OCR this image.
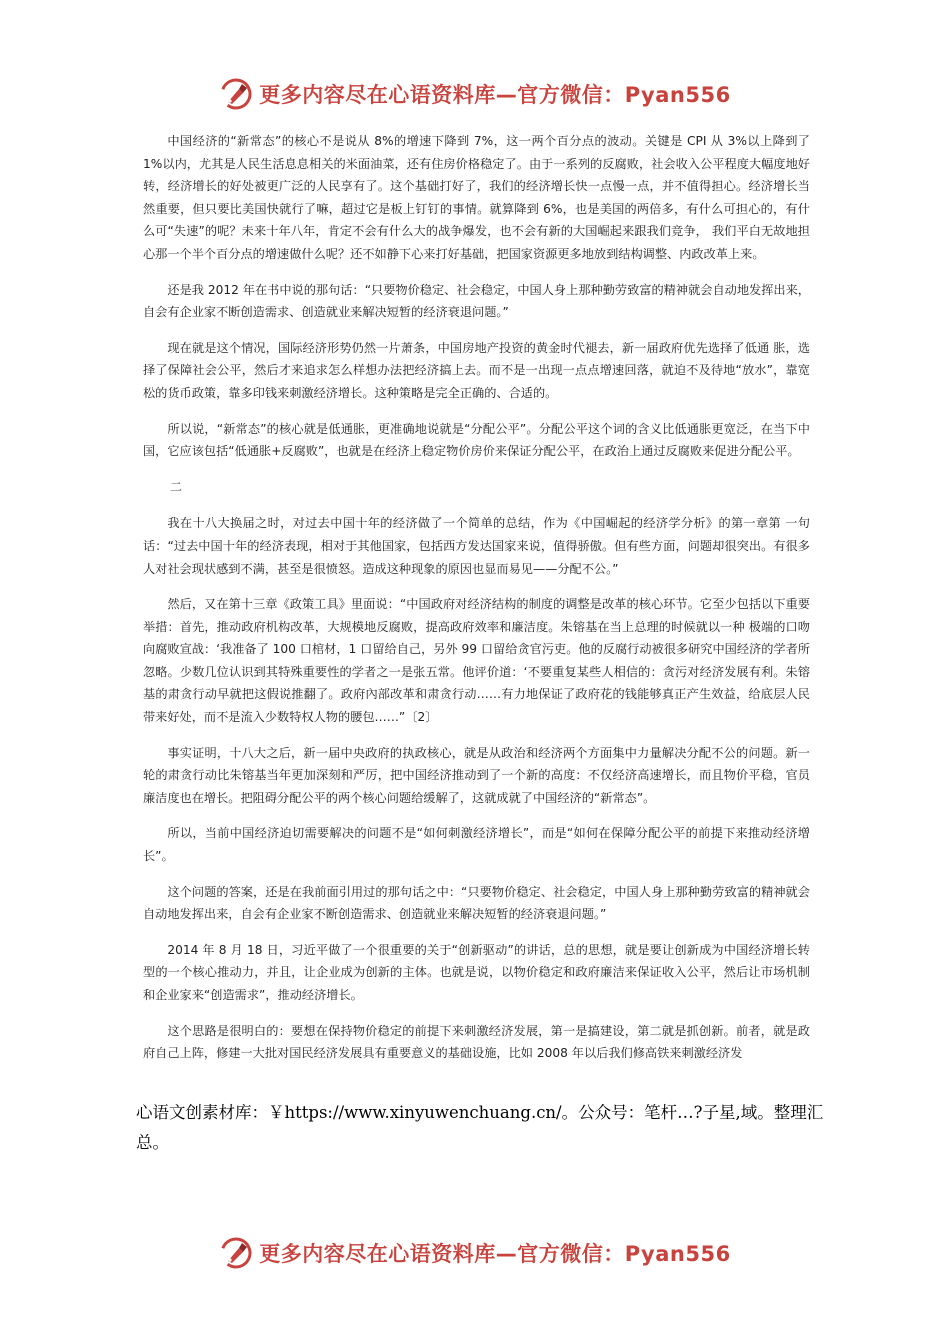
更多内容尽在心语资料库—官方微信：Pyan556

中国经济的“新常态”的核心不是说从 8%的增速下降到 7%，这一两个百分点的波动。关键是 CPI 从 3%以上降到了 1%以内，尤其是人民生活息息相关的米面油菜，还有住房价格稳定了。由于一系列的反腐败，社会收入公平程度大幅度地好转，经济增长的好处被更广泛的人民享有了。这个基础打好了，我们的经济增长快一点慢一点，并不值得担心。经济增长当然重要，但只要比美国快就行了嘛，超过它是板上钉钉的事情。就算降到 6%，也是美国的两倍多，有什么可担心的，有什么可“失速”的呢？未来十年八年，肯定不会有什么大的战争爆发，也不会有新的大国崛起来跟我们竞争， 我们平白无故地担心那一个半个百分点的增速做什么呢？还不如静下心来打好基础，把国家资源更多地放到结构调整、内政改革上来。

还是我 2012 年在书中说的那句话：“只要物价稳定、社会稳定，中国人身上那种勤劳致富的精神就会自动地发挥出来，自会有企业家不断创造需求、创造就业来解决短暂的经济衰退问题。”

现在就是这个情况，国际经济形势仍然一片萧条，中国房地产投资的黄金时代褪去，新一届政府优先选择了低通 胀，选择了保障社会公平，然后才来追求怎么样想办法把经济搞上去。而不是一出现一点点增速回落，就迫不及待地“放水”，靠宽松的货币政策，靠多印钱来刺激经济增长。这种策略是完全正确的、合适的。

所以说，“新常态”的核心就是低通胀，更准确地说就是“分配公平”。分配公平这个词的含义比低通胀更宽泛，在当下中国，它应该包括“低通胀+反腐败”，也就是在经济上稳定物价房价来保证分配公平，在政治上通过反腐败来促进分配公平。

二

我在十八大换届之时，对过去中国十年的经济做了一个简单的总结，作为《中国崛起的经济学分析》的第一章第 一句话：“过去中国十年的经济表现，相对于其他国家，包括西方发达国家来说，值得骄傲。但有些方面，问题却很突出。有很多人对社会现状感到不满，甚至是很愤怒。造成这种现象的原因也显而易见——分配不公。”

然后，又在第十三章《政策工具》里面说：“中国政府对经济结构的制度的调整是改革的核心环节。它至少包括以下重要举措：首先，推动政府机构改革，大规模地反腐败，提高政府效率和廉洁度。朱镕基在当上总理的时候就以一种 极端的口吻向腐败宣战：‘我准备了 100 口棺材，1 口留给自己，另外 99 口留给贪官污吏。他的反腐行动被很多研究中国经济的学者所忽略。少数几位认识到其特殊重要性的学者之一是张五常。他评价道：‘不要重复某些人相信的：贪污对经济发展有利。朱镕基的肃贪行动早就把这假说推翻了。政府內部改革和肃贪行动……有力地保证了政府花的钱能够真正产生效益，给底层人民带来好处，而不是流入少数特权人物的腰包……”〔2〕

事实证明，十八大之后，新一届中央政府的执政核心，就是从政治和经济两个方面集中力量解决分配不公的问题。新一轮的肃贪行动比朱镕基当年更加深刻和严厉，把中国经济推动到了一个新的高度：不仅经济高速增长，而且物价平稳，官员廉洁度也在增长。把阻碍分配公平的两个核心问题给缓解了，这就成就了中国经济的“新常态”。

所以，当前中国经济迫切需要解决的问题不是“如何刺激经济增长”，而是“如何在保障分配公平的前提下来推动经济增长”。

这个问题的答案，还是在我前面引用过的那句话之中：“只要物价稳定、社会稳定，中国人身上那种勤劳致富的精神就会自动地发挥出来，自会有企业家不断创造需求、创造就业来解决短暂的经济衰退问题。”

2014 年 8 月 18 日，习近平做了一个很重要的关于“创新驱动”的讲话，总的思想，就是要让创新成为中国经济增长转型的一个核心推动力，并且，让企业成为创新的主体。也就是说，以物价稳定和政府廉洁来保证收入公平，然后让市场机制和企业家来“创造需求”，推动经济增长。

这个思路是很明白的：要想在保持物价稳定的前提下来刺激经济发展，第一是搞建设，第二就是抓创新。前者，就是政府自己上阵，修建一大批对国民经济发展具有重要意义的基础设施，比如 2008 年以后我们修高铁来刺激经济发

心语文创素材库：￥https://www.xinyuwenchuang.cn/。公众号：笔杆…?子星,域。整理汇总。

更多内容尽在心语资料库—官方微信：Pyan556
